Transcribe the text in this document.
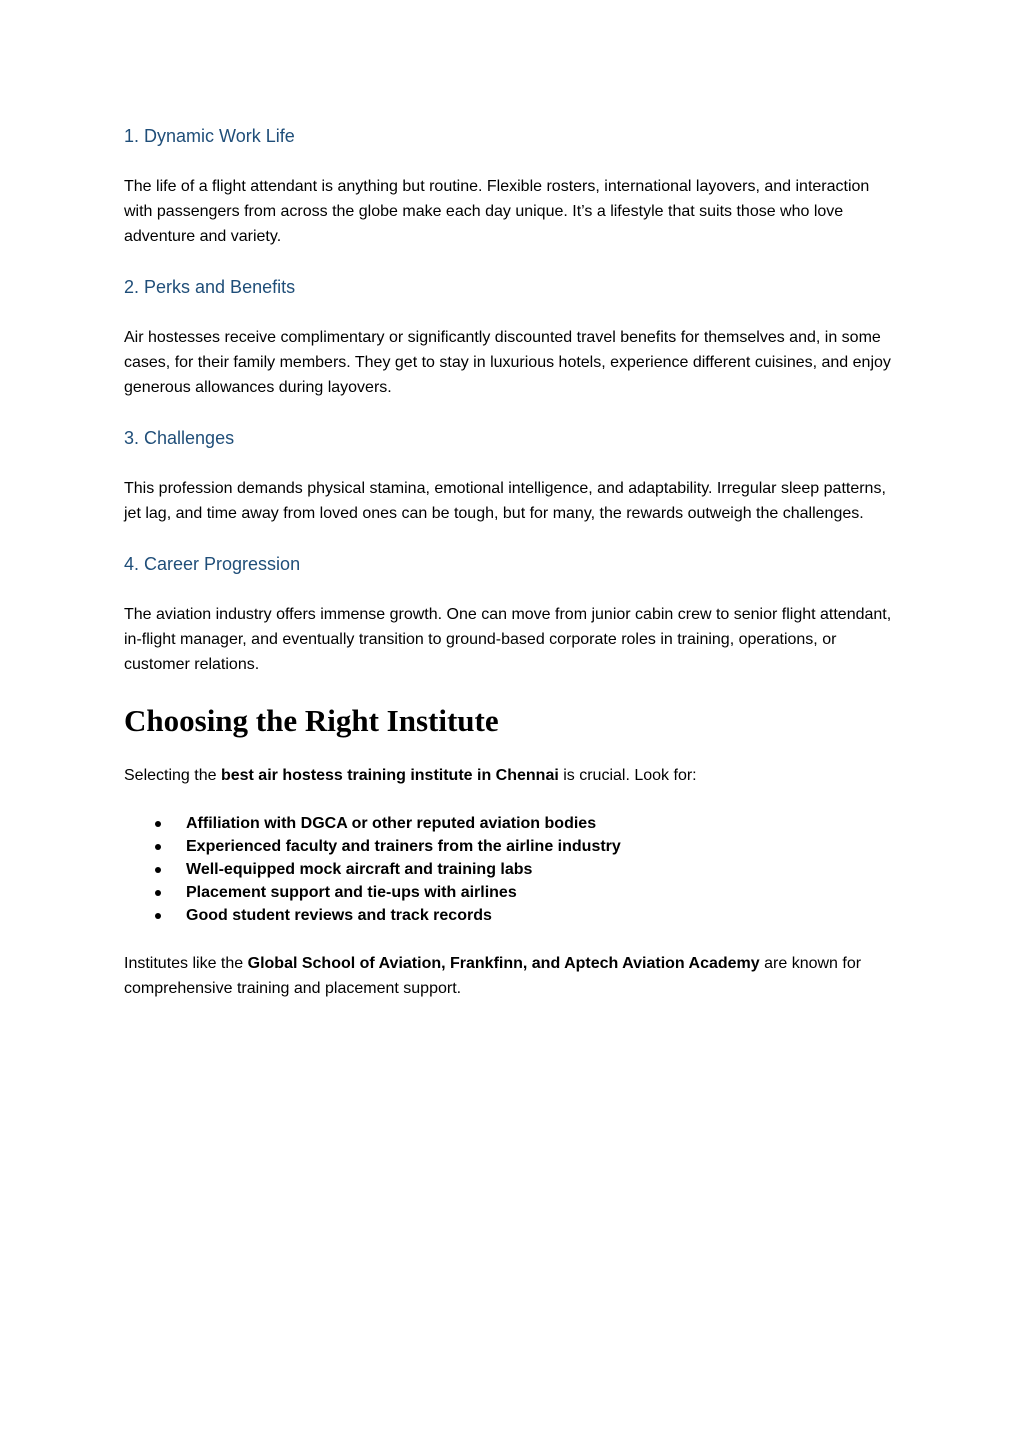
1. Dynamic Work Life

The life of a flight attendant is anything but routine. Flexible rosters, international layovers, and interaction with passengers from across the globe make each day unique. It’s a lifestyle that suits those who love adventure and variety.

2. Perks and Benefits

Air hostesses receive complimentary or significantly discounted travel benefits for themselves and, in some cases, for their family members. They get to stay in luxurious hotels, experience different cuisines, and enjoy generous allowances during layovers.

3. Challenges

This profession demands physical stamina, emotional intelligence, and adaptability. Irregular sleep patterns, jet lag, and time away from loved ones can be tough, but for many, the rewards outweigh the challenges.

4. Career Progression

The aviation industry offers immense growth. One can move from junior cabin crew to senior flight attendant, in-flight manager, and eventually transition to ground-based corporate roles in training, operations, or customer relations.

Choosing the Right Institute

Selecting the best air hostess training institute in Chennai is crucial. Look for:

Affiliation with DGCA or other reputed aviation bodies
Experienced faculty and trainers from the airline industry
Well-equipped mock aircraft and training labs
Placement support and tie-ups with airlines
Good student reviews and track records

Institutes like the Global School of Aviation, Frankfinn, and Aptech Aviation Academy are known for comprehensive training and placement support.
